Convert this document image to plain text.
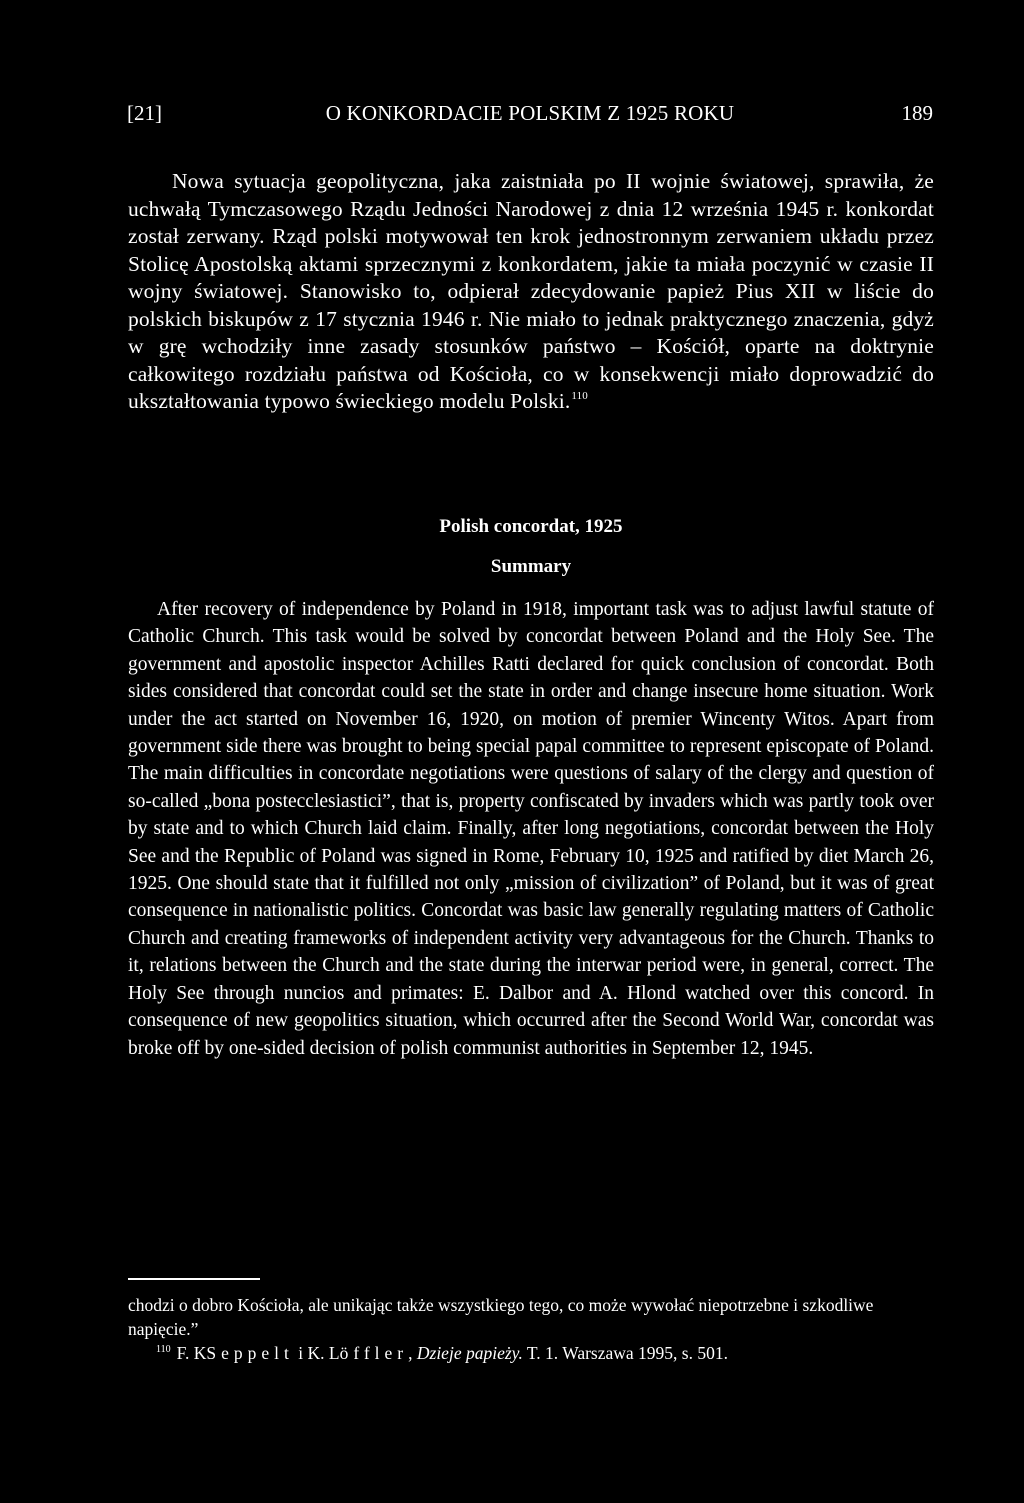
[21]	O KONKORDACIE POLSKIM Z 1925 ROKU	189

Nowa sytuacja geopolityczna, jaka zaistniała po II wojnie światowej, sprawiła, że uchwałą Tymczasowego Rządu Jedności Narodowej z dnia 12 września 1945 r. konkordat został zerwany. Rząd polski motywował ten krok jednostronnym zerwaniem układu przez Stolicę Apostolską aktami sprzecznymi z konkordatem, jakie ta miała poczynić w czasie II wojny światowej. Stanowisko to, odpierał zdecydowanie papież Pius XII w liście do polskich biskupów z 17 stycznia 1946 r. Nie miało to jednak praktycznego znaczenia, gdyż w grę wchodziły inne zasady stosunków państwo – Kościół, oparte na doktrynie całkowitego rozdziału państwa od Kościoła, co w konsekwencji miało doprowadzić do ukształtowania typowo świeckiego modelu Polski.$^{110}$

Polish concordat, 1925
Summary

After recovery of independence by Poland in 1918, important task was to adjust lawful statute of Catholic Church. This task would be solved by concordat between Poland and the Holy See. The government and apostolic inspector Achilles Ratti declared for quick conclusion of concordat. Both sides considered that concordat could set the state in order and change insecure home situation. Work under the act started on November 16, 1920, on motion of premier Wincenty Witos. Apart from government side there was brought to being special papal committee to represent episcopate of Poland. The main difficulties in concordate negotiations were questions of salary of the clergy and question of so-called „bona postecclesiastici”, that is, property confiscated by invaders which was partly took over by state and to which Church laid claim. Finally, after long negotiations, concordat between the Holy See and the Republic of Poland was signed in Rome, February 10, 1925 and ratified by diet March 26, 1925. One should state that it fulfilled not only „mission of civilization” of Poland, but it was of great consequence in nationalistic politics. Concordat was basic law generally regulating matters of Catholic Church and creating frameworks of independent activity very advantageous for the Church. Thanks to it, relations between the Church and the state during the interwar period were, in general, correct. The Holy See through nuncios and primates: E. Dalbor and A. Hlond watched over this concord. In consequence of new geopolitics situation, which occurred after the Second World War, concordat was broke off by one-sided decision of polish communist authorities in September 12, 1945.

chodzi o dobro Kościoła, ale unikając także wszystkiego tego, co może wywołać niepotrzebne i szkodliwe napięcie.”

$^{110}$ F. KSeppelt i K. Löffler, Dzieje papieży. T. 1. Warszawa 1995, s. 501.
